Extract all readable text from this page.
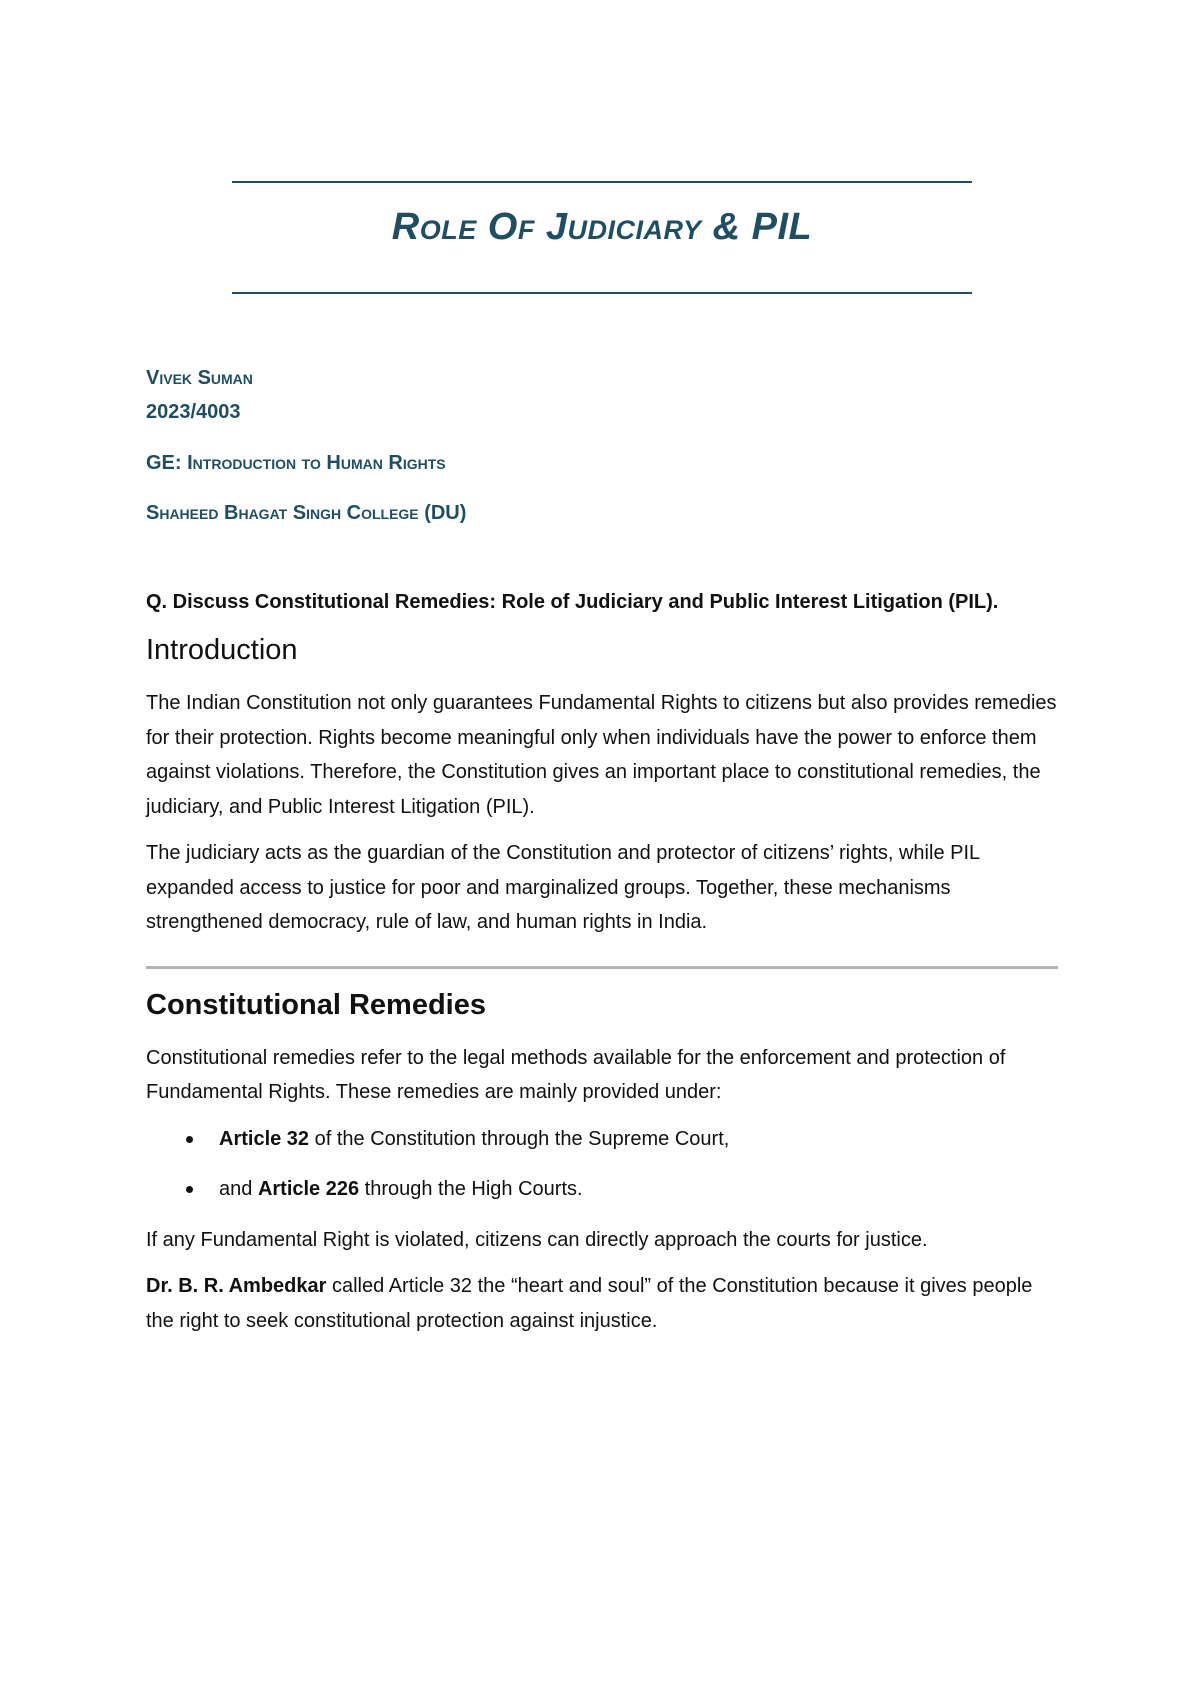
Role Of Judiciary & PIL
Vivek Suman
2023/4003
GE: Introduction to Human Rights
Shaheed Bhagat Singh College (DU)

Q. Discuss Constitutional Remedies: Role of Judiciary and Public Interest Litigation (PIL).

Introduction

The Indian Constitution not only guarantees Fundamental Rights to citizens but also provides remedies for their protection. Rights become meaningful only when individuals have the power to enforce them against violations. Therefore, the Constitution gives an important place to constitutional remedies, the judiciary, and Public Interest Litigation (PIL).

The judiciary acts as the guardian of the Constitution and protector of citizens’ rights, while PIL expanded access to justice for poor and marginalized groups. Together, these mechanisms strengthened democracy, rule of law, and human rights in India.

Constitutional Remedies

Constitutional remedies refer to the legal methods available for the enforcement and protection of Fundamental Rights. These remedies are mainly provided under:

Article 32 of the Constitution through the Supreme Court,
and Article 226 through the High Courts.

If any Fundamental Right is violated, citizens can directly approach the courts for justice.

Dr. B. R. Ambedkar called Article 32 the “heart and soul” of the Constitution because it gives people the right to seek constitutional protection against injustice.
